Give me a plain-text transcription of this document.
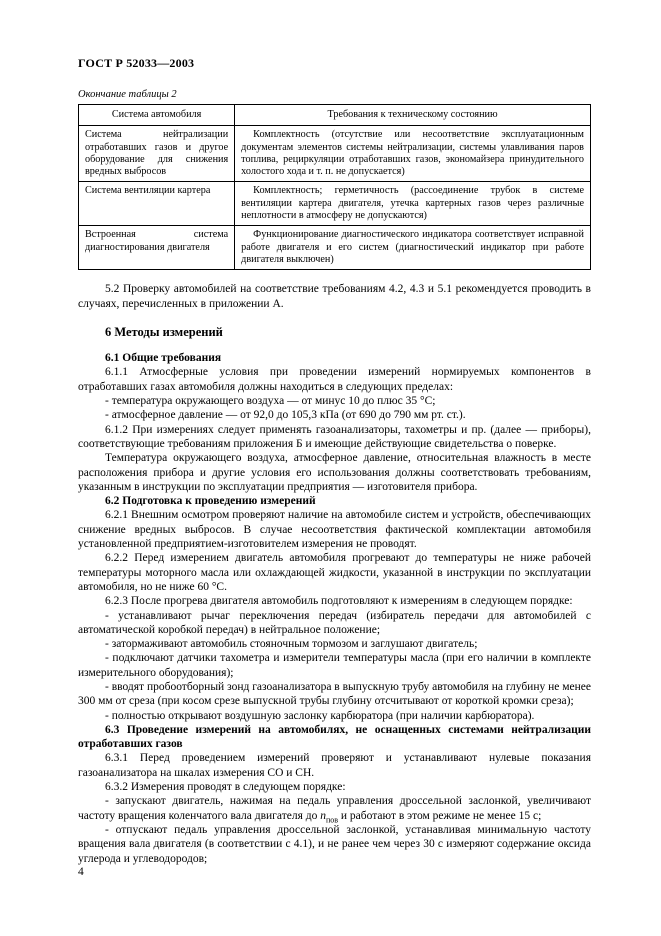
ГОСТ Р 52033—2003
Окончание таблицы 2
Система автомобиля	Требования к техническому состоянию
Система нейтрализации отработавших газов и другое оборудование для снижения вредных выбросов	Комплектность (отсутствие или несоответствие эксплуатационным документам элементов системы нейтрализации, системы улавливания паров топлива, рециркуляции отработавших газов, экономайзера принудительного холостого хода и т. п. не допускается)
Система вентиляции картера	Комплектность; герметичность (рассоединение трубок в системе вентиляции картера двигателя, утечка картерных газов через различные неплотности в атмосферу не допускаются)
Встроенная система диагностирования двигателя	Функционирование диагностического индикатора соответствует исправной работе двигателя и его систем (диагностический индикатор при работе двигателя выключен)
5.2 Проверку автомобилей на соответствие требованиям 4.2, 4.3 и 5.1 рекомендуется проводить в случаях, перечисленных в приложении А.
6 Методы измерений
6.1 Общие требования
6.1.1 Атмосферные условия при проведении измерений нормируемых компонентов в отработавших газах автомобиля должны находиться в следующих пределах:
- температура окружающего воздуха — от минус 10 до плюс 35 °С;
- атмосферное давление — от 92,0 до 105,3 кПа (от 690 до 790 мм рт. ст.).
6.1.2 При измерениях следует применять газоанализаторы, тахометры и пр. (далее — приборы), соответствующие требованиям приложения Б и имеющие действующие свидетельства о поверке.
Температура окружающего воздуха, атмосферное давление, относительная влажность в месте расположения прибора и другие условия его использования должны соответствовать требованиям, указанным в инструкции по эксплуатации предприятия — изготовителя прибора.
6.2 Подготовка к проведению измерений
6.2.1 Внешним осмотром проверяют наличие на автомобиле систем и устройств, обеспечивающих снижение вредных выбросов. В случае несоответствия фактической комплектации автомобиля установленной предприятием-изготовителем измерения не проводят.
6.2.2 Перед измерением двигатель автомобиля прогревают до температуры не ниже рабочей температуры моторного масла или охлаждающей жидкости, указанной в инструкции по эксплуатации автомобиля, но не ниже 60 °С.
6.2.3 После прогрева двигателя автомобиль подготовляют к измерениям в следующем порядке:
- устанавливают рычаг переключения передач (избиратель передачи для автомобилей с автоматической коробкой передач) в нейтральное положение;
- затормаживают автомобиль стояночным тормозом и заглушают двигатель;
- подключают датчики тахометра и измерители температуры масла (при его наличии в комплекте измерительного оборудования);
- вводят пробоотборный зонд газоанализатора в выпускную трубу автомобиля на глубину не менее 300 мм от среза (при косом срезе выпускной трубы глубину отсчитывают от короткой кромки среза);
- полностью открывают воздушную заслонку карбюратора (при наличии карбюратора).
6.3 Проведение измерений на автомобилях, не оснащенных системами нейтрализации отработавших газов
6.3.1 Перед проведением измерений проверяют и устанавливают нулевые показания газоанализатора на шкалах измерения СО и СН.
6.3.2 Измерения проводят в следующем порядке:
- запускают двигатель, нажимая на педаль управления дроссельной заслонкой, увеличивают частоту вращения коленчатого вала двигателя до $n_{пов}$ и работают в этом режиме не менее 15 с;
- отпускают педаль управления дроссельной заслонкой, устанавливая минимальную частоту вращения вала двигателя (в соответствии с 4.1), и не ранее чем через 30 с измеряют содержание оксида углерода и углеводородов;
4
